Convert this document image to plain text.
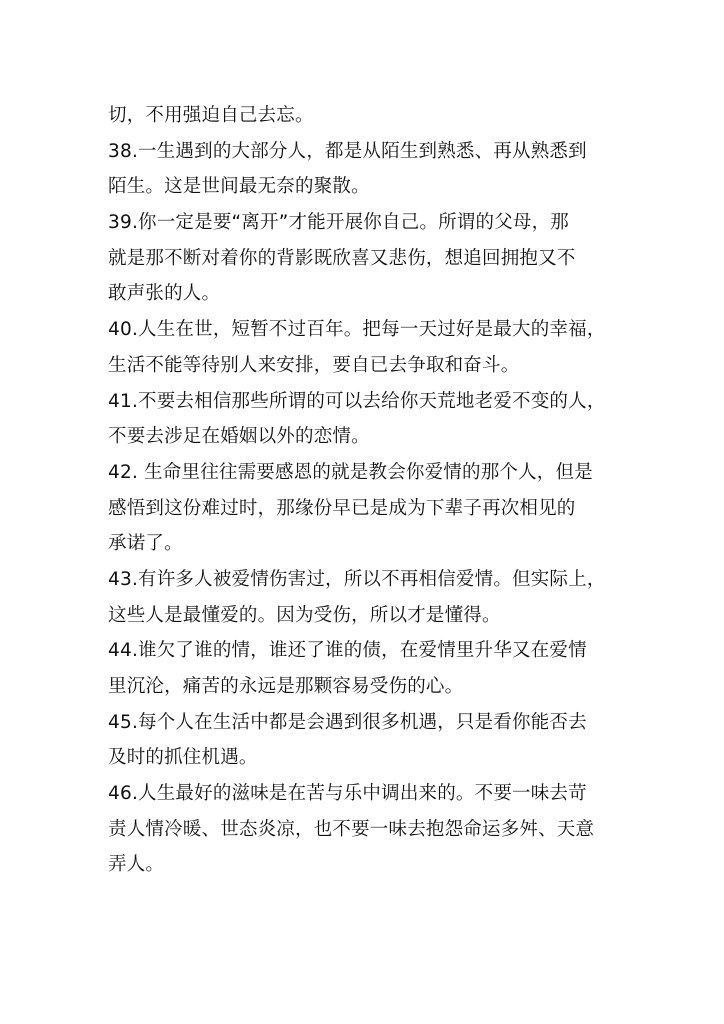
切，不用强迫自己去忘。
38.一生遇到的大部分人，都是从陌生到熟悉、再从熟悉到
陌生。这是世间最无奈的聚散。
39.你一定是要“离开”才能开展你自己。所谓的父母，那
就是那不断对着你的背影既欣喜又悲伤，想追回拥抱又不
敢声张的人。
40.人生在世，短暂不过百年。把每一天过好是最大的幸福，
生活不能等待别人来安排，要自已去争取和奋斗。
41.不要去相信那些所谓的可以去给你天荒地老爱不变的人，
不要去涉足在婚姻以外的恋情。
42. 生命里往往需要感恩的就是教会你爱情的那个人，但是
感悟到这份难过时，那缘份早已是成为下辈子再次相见的
承诺了。
43.有许多人被爱情伤害过，所以不再相信爱情。但实际上，
这些人是最懂爱的。因为受伤，所以才是懂得。
44.谁欠了谁的情，谁还了谁的债，在爱情里升华又在爱情
里沉沦，痛苦的永远是那颗容易受伤的心。
45.每个人在生活中都是会遇到很多机遇，只是看你能否去
及时的抓住机遇。
46.人生最好的滋味是在苦与乐中调出来的。不要一味去苛
责人情冷暖、世态炎凉，也不要一味去抱怨命运多舛、天意
弄人。
